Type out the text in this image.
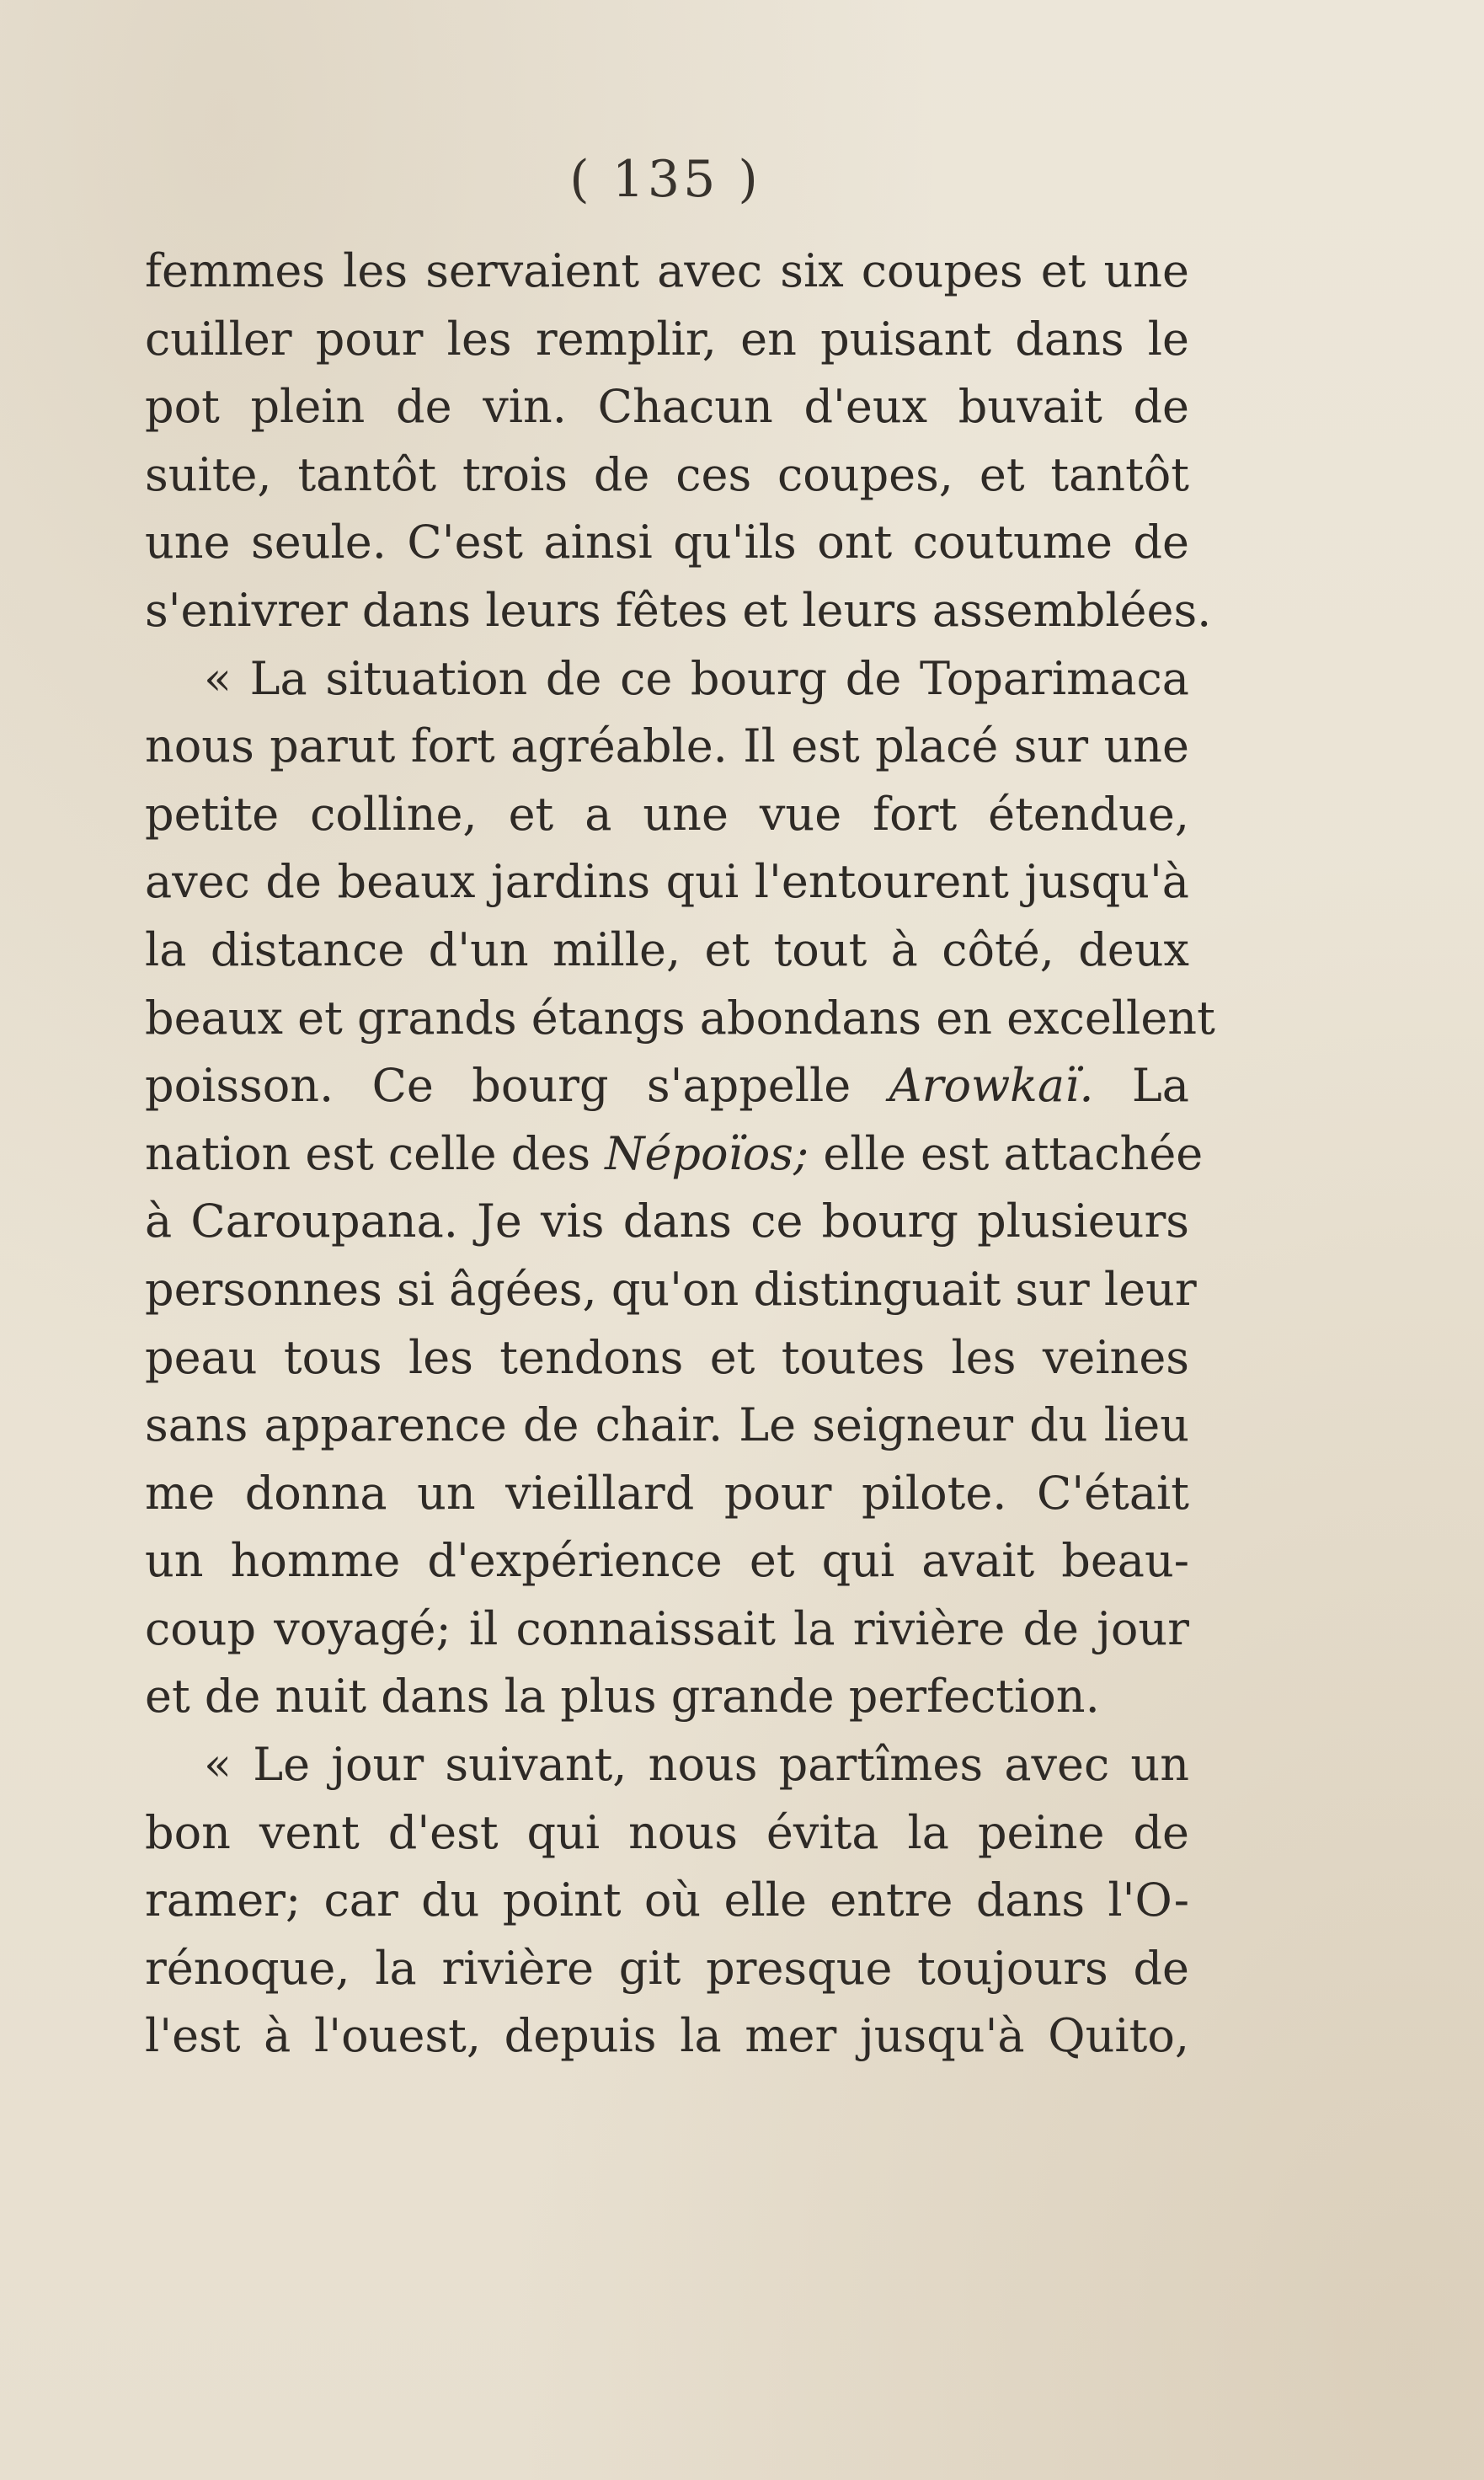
( 135 )
femmes les servaient avec six coupes et une
cuiller pour les remplir, en puisant dans le
pot plein de vin. Chacun d'eux buvait de
suite, tantôt trois de ces coupes, et tantôt
une seule. C'est ainsi qu'ils ont coutume de
s'enivrer dans leurs fêtes et leurs assemblées.
« La situation de ce bourg de Toparimaca
nous parut fort agréable. Il est placé sur une
petite colline, et a une vue fort étendue,
avec de beaux jardins qui l'entourent jusqu'à
la distance d'un mille, et tout à côté, deux
beaux et grands étangs abondans en excellent
poisson. Ce bourg s'appelle Arowkaï. La
nation est celle des Népoïos; elle est attachée
à Caroupana. Je vis dans ce bourg plusieurs
personnes si âgées, qu'on distinguait sur leur
peau tous les tendons et toutes les veines
sans apparence de chair. Le seigneur du lieu
me donna un vieillard pour pilote. C'était
un homme d'expérience et qui avait beau-
coup voyagé; il connaissait la rivière de jour
et de nuit dans la plus grande perfection.
« Le jour suivant, nous partîmes avec un
bon vent d'est qui nous évita la peine de
ramer; car du point où elle entre dans l'O-
rénoque, la rivière git presque toujours de
l'est à l'ouest, depuis la mer jusqu'à Quito,
